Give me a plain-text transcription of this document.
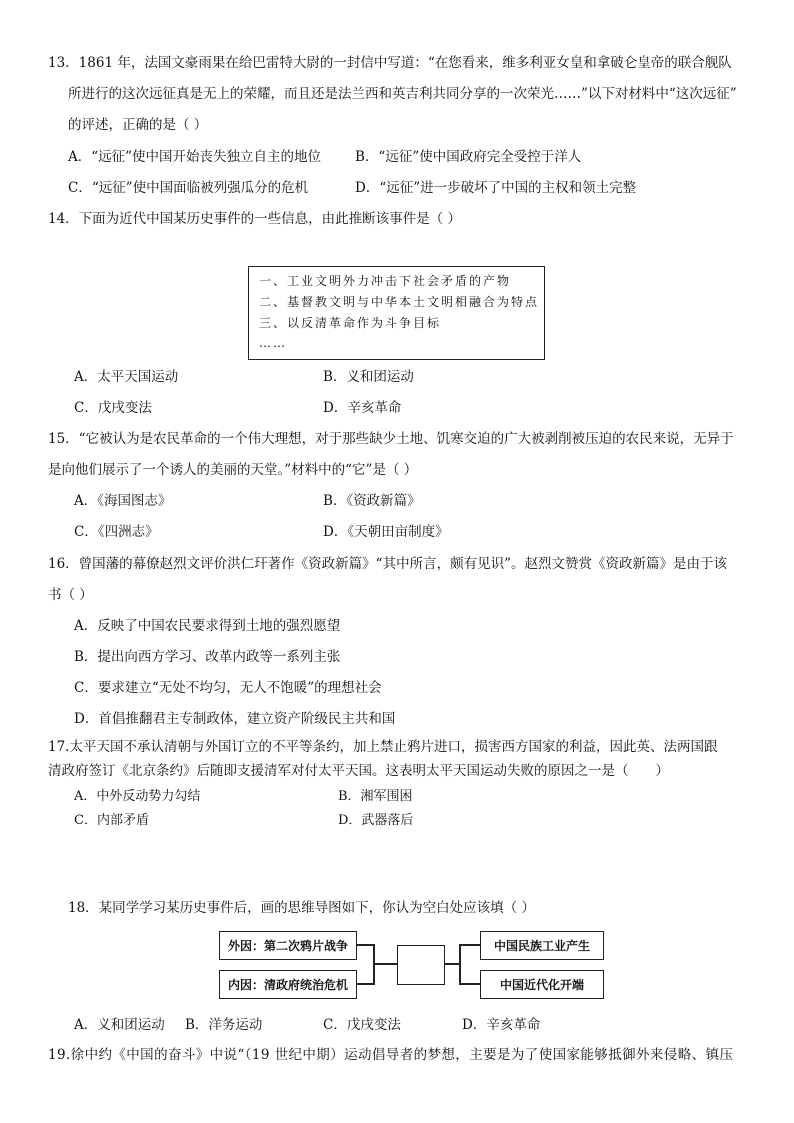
13．1861 年，法国文豪雨果在给巴雷特大尉的一封信中写道：“在您看来，维多利亚女皇和拿破仑皇帝的联合舰队
所进行的这次远征真是无上的荣耀，而且还是法兰西和英吉利共同分享的一次荣光……”以下对材料中“这次远征”
的评述，正确的是（ ）
A．“远征”使中国开始丧失独立自主的地位	B．“远征”使中国政府完全受控于洋人
C．“远征”使中国面临被列强瓜分的危机	D．“远征”进一步破坏了中国的主权和领土完整
14．下面为近代中国某历史事件的一些信息，由此推断该事件是（ ）
一、工业文明外力冲击下社会矛盾的产物
二、基督教文明与中华本土文明相融合为特点
三、以反清革命作为斗争目标
……
A．太平天国运动	B．义和团运动
C．戊戌变法	D．辛亥革命
15．“它被认为是农民革命的一个伟大理想，对于那些缺少土地、饥寒交迫的广大被剥削被压迫的农民来说，无异于
是向他们展示了一个诱人的美丽的天堂。”材料中的“它”是（ ）
A．《海国图志》	B．《资政新篇》
C．《四洲志》	D．《天朝田亩制度》
16．曾国藩的幕僚赵烈文评价洪仁玕著作《资政新篇》“其中所言，颇有见识”。赵烈文赞赏《资政新篇》是由于该
书（ ）
A．反映了中国农民要求得到土地的强烈愿望
B．提出向西方学习、改革内政等一系列主张
C．要求建立“无处不均匀，无人不饱暖”的理想社会
D．首倡推翻君主专制政体，建立资产阶级民主共和国
17.太平天国不承认清朝与外国订立的不平等条约，加上禁止鸦片进口，损害西方国家的利益，因此英、法两国跟
清政府签订《北京条约》后随即支援清军对付太平天国。这表明太平天国运动失败的原因之一是（　　）
A．中外反动势力勾结	B．湘军围困
C．内部矛盾	D．武器落后
18．某同学学习某历史事件后，画的思维导图如下，你认为空白处应该填（ ）
外因：第二次鸦片战争
内因：清政府统治危机
中国民族工业产生
中国近代化开端
A．义和团运动 B．洋务运动	C．戊戌变法	D．辛亥革命
19.徐中约《中国的奋斗》中说“（19 世纪中期）运动倡导者的梦想，主要是为了使国家能够抵御外来侵略、镇压
